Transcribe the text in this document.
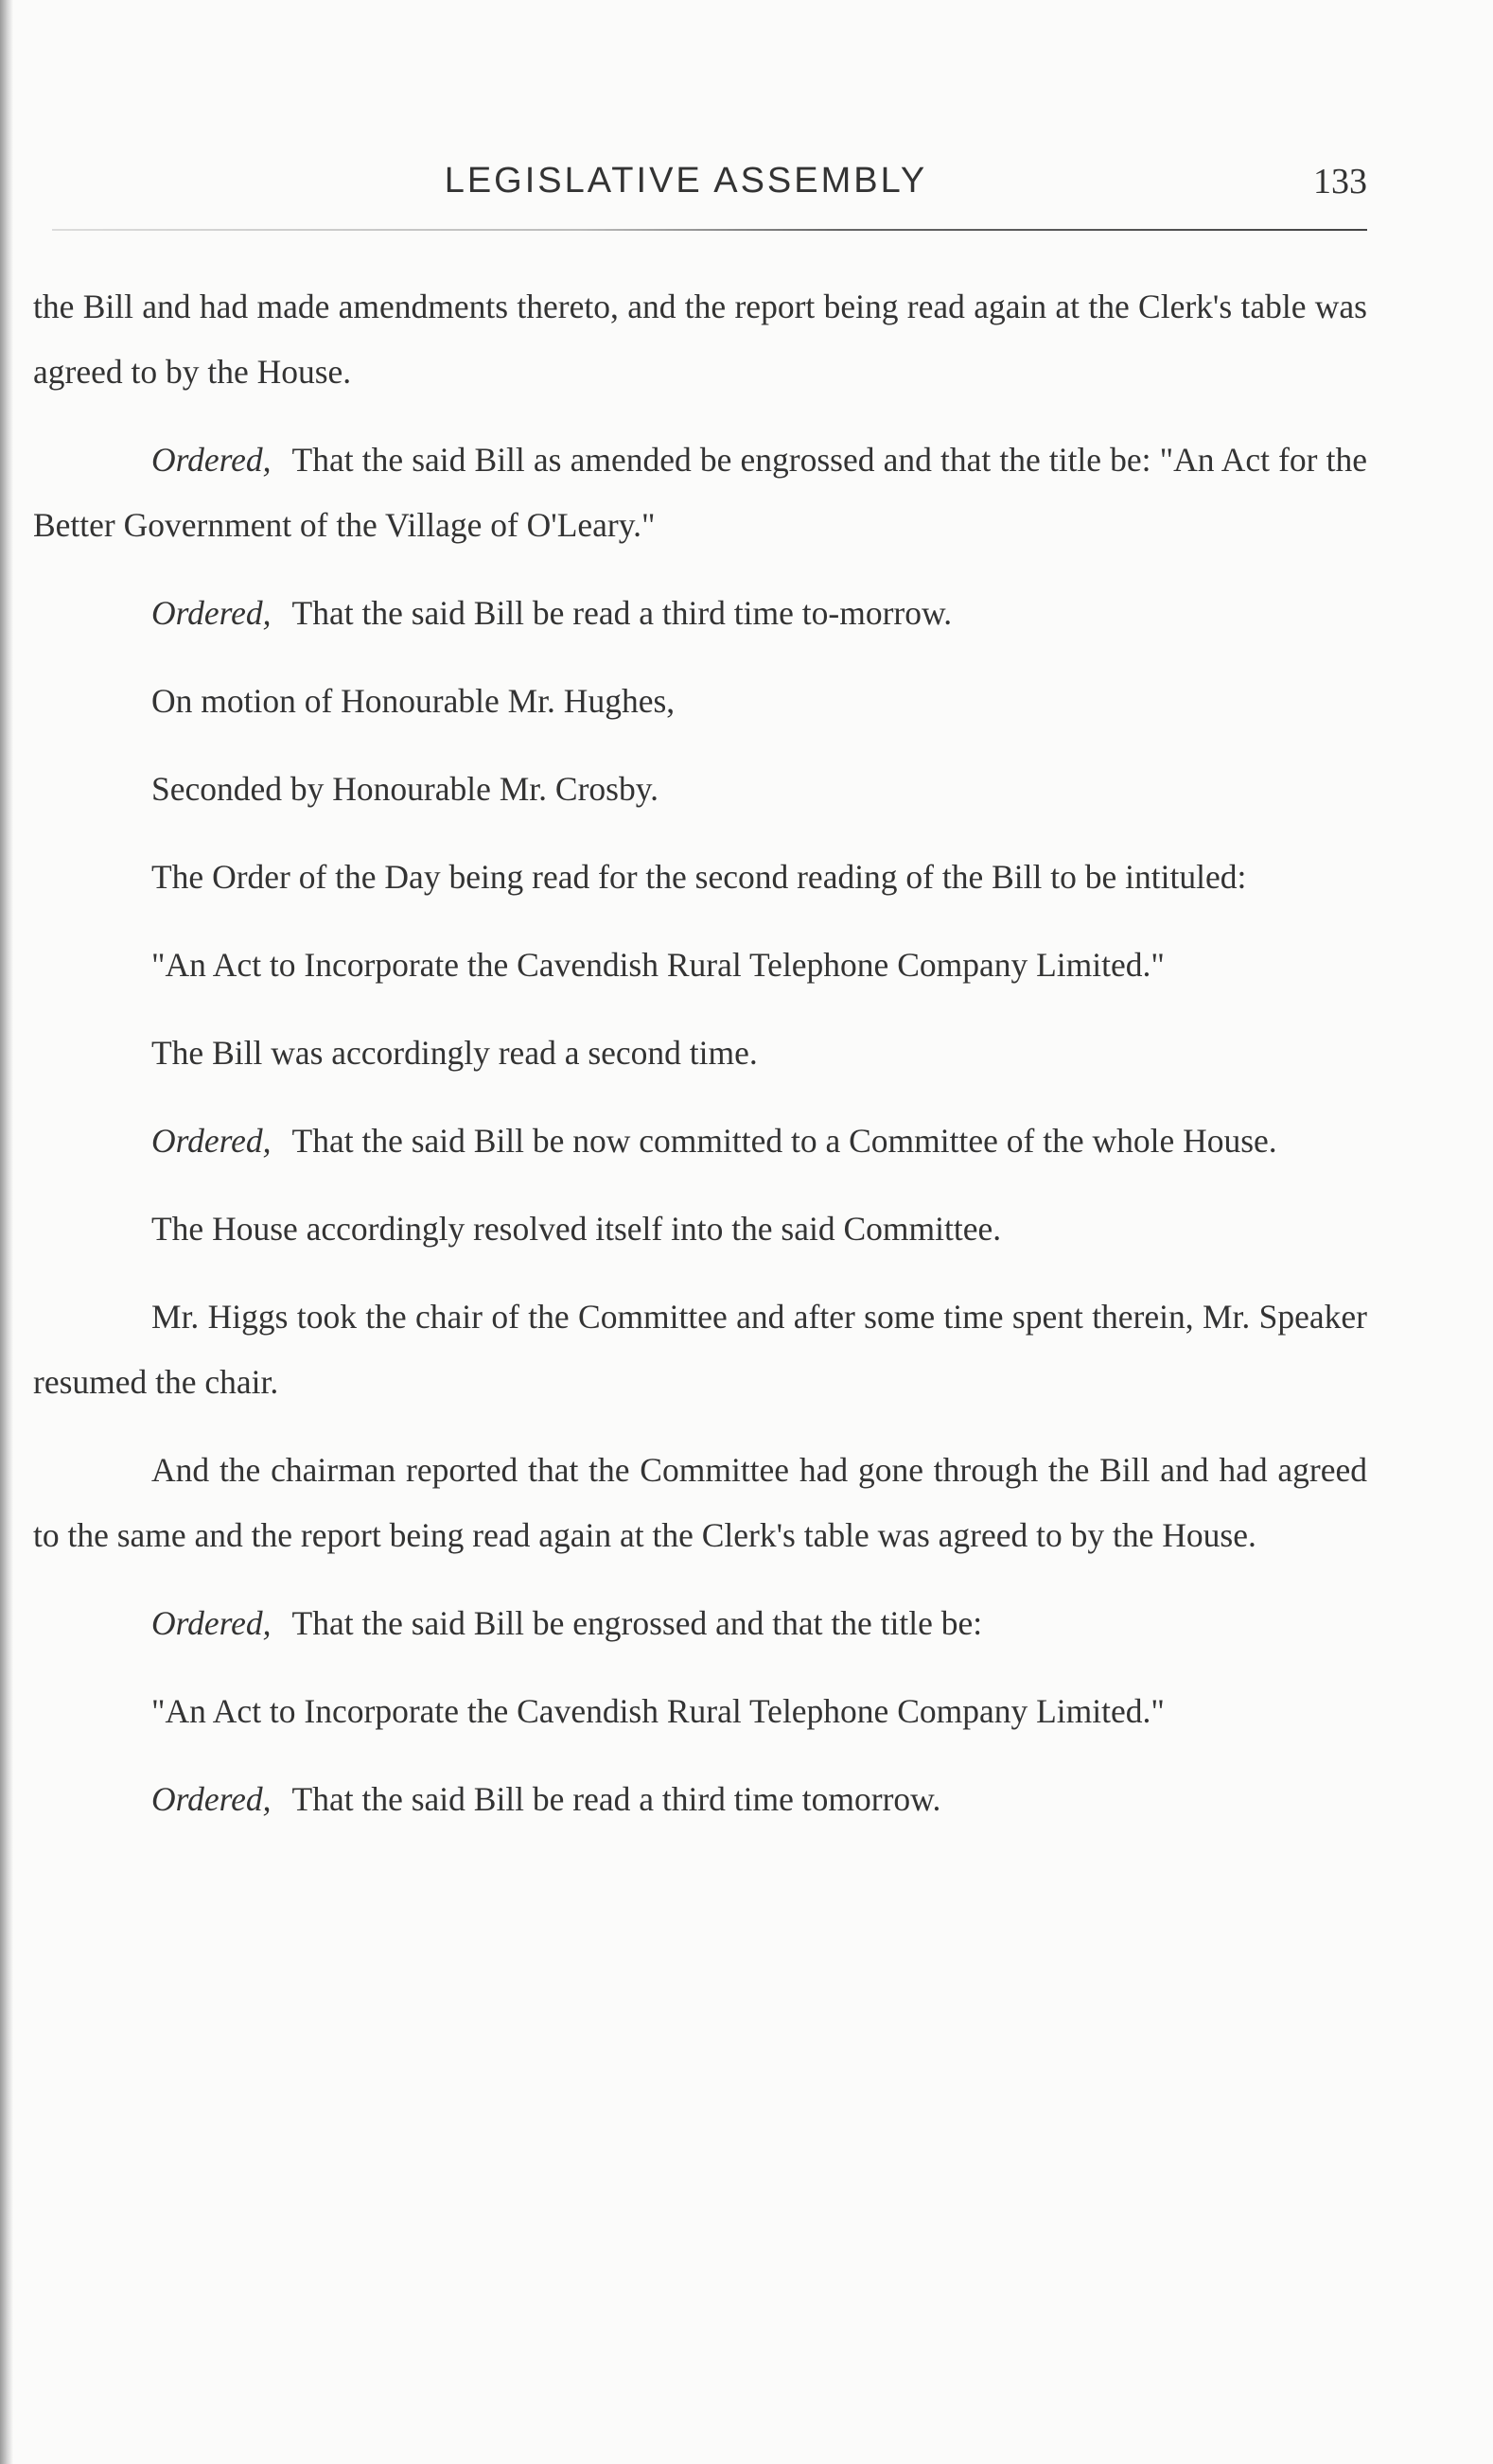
LEGISLATIVE ASSEMBLY	133

the Bill and had made amendments thereto, and the report being read again at the Clerk's table was agreed to by the House.

Ordered, That the said Bill as amended be engrossed and that the title be: "An Act for the Better Government of the Village of O'Leary."

Ordered, That the said Bill be read a third time to-morrow.

On motion of Honourable Mr. Hughes,

Seconded by Honourable Mr. Crosby.

The Order of the Day being read for the second reading of the Bill to be intituled:

"An Act to Incorporate the Cavendish Rural Telephone Company Limited."

The Bill was accordingly read a second time.

Ordered, That the said Bill be now committed to a Committee of the whole House.

The House accordingly resolved itself into the said Committee.

Mr. Higgs took the chair of the Committee and after some time spent therein, Mr. Speaker resumed the chair.

And the chairman reported that the Committee had gone through the Bill and had agreed to the same and the report being read again at the Clerk's table was agreed to by the House.

Ordered, That the said Bill be engrossed and that the title be:

"An Act to Incorporate the Cavendish Rural Telephone Company Limited."

Ordered, That the said Bill be read a third time tomorrow.
